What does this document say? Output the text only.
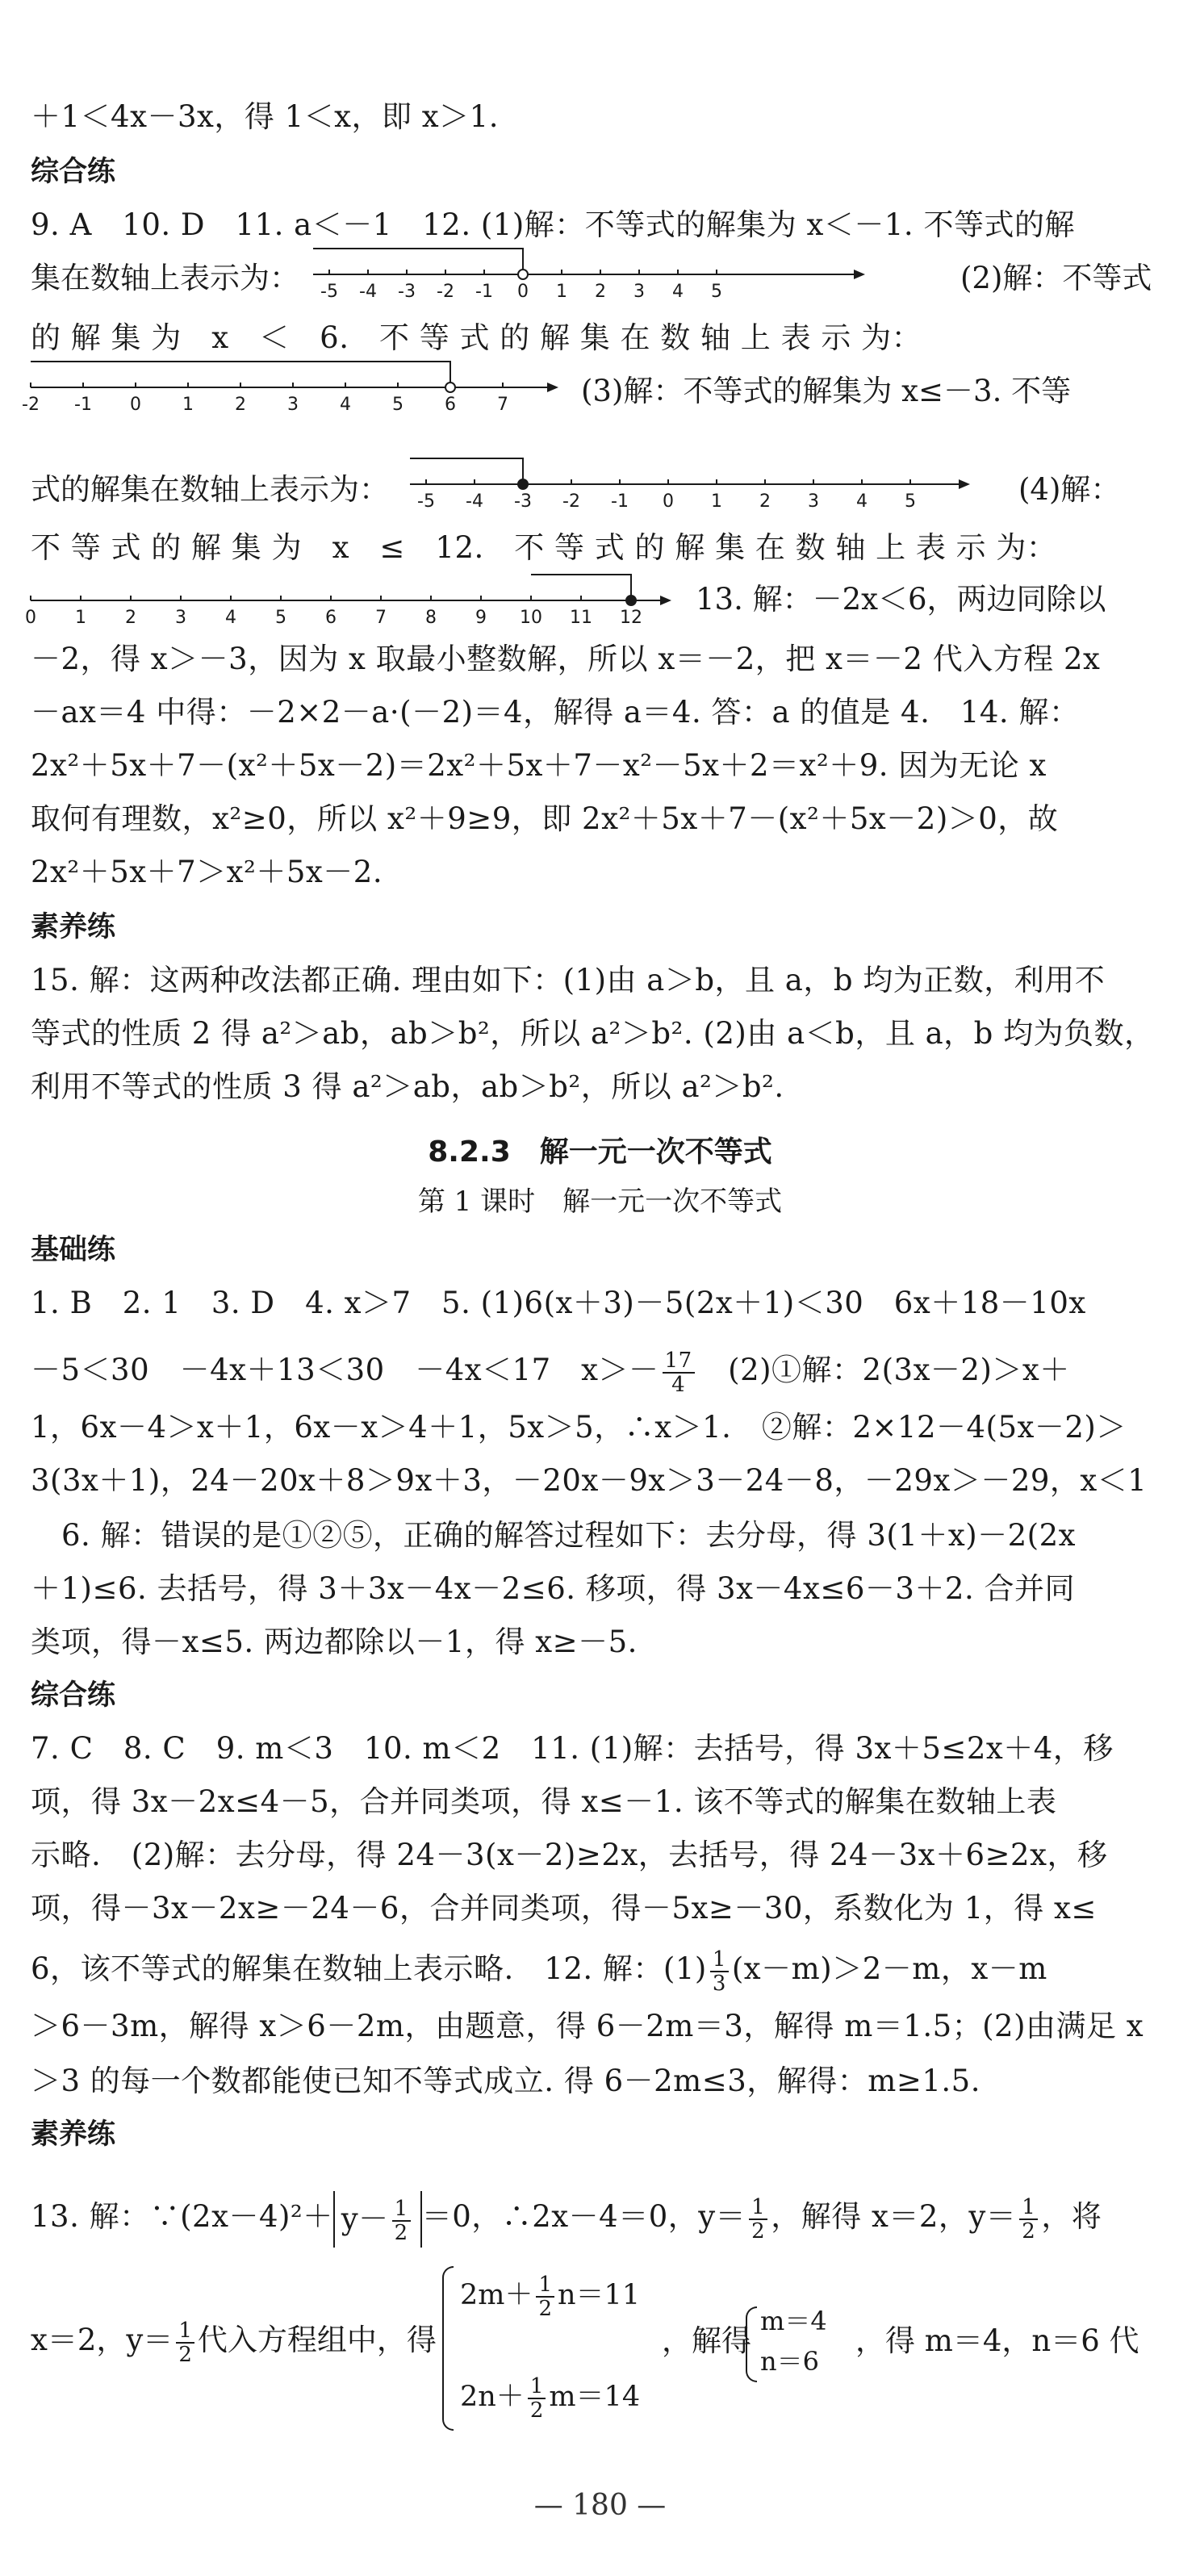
＋1＜4x－3x，得 1＜x，即 x＞1.
综合练
9. A　10. D　11. a＜－1　12. (1)解：不等式的解集为 x＜－1. 不等式的解
集在数轴上表示为： -5 -4 -3 -2 -1 0 1 2 3 4 5	(2)解：不等式
的 解 集 为　x　＜　6.　不 等 式 的 解 集 在 数 轴 上 表 示 为：
-2 -1 0 1 2 3 4 5 6 7 (3)解：不等式的解集为 x≤－3. 不等
式的解集在数轴上表示为： -5 -4 -3 -2 -1 0 1 2 3 4 5	(4)解：
不 等 式 的 解 集 为　x　≤　12.　不 等 式 的 解 集 在 数 轴 上 表 示 为：
0 1 2 3 4 5 6 7 8 9 10 11 12
13. 解：－2x＜6，两边同除以
－2，得 x＞－3，因为 x 取最小整数解，所以 x＝－2，把 x＝－2 代入方程 2x
－ax＝4 中得：－2×2－a·(－2)＝4，解得 a＝4. 答：a 的值是 4.　14. 解：
2x²＋5x＋7－(x²＋5x－2)＝2x²＋5x＋7－x²－5x＋2＝x²＋9. 因为无论 x
取何有理数，x²≥0，所以 x²＋9≥9，即 2x²＋5x＋7－(x²＋5x－2)＞0，故
2x²＋5x＋7＞x²＋5x－2.
素养练
15. 解：这两种改法都正确. 理由如下：(1)由 a＞b，且 a，b 均为正数，利用不
等式的性质 2 得 a²＞ab，ab＞b²，所以 a²＞b². (2)由 a＜b，且 a，b 均为负数，
利用不等式的性质 3 得 a²＞ab，ab＞b²，所以 a²＞b².
8.2.3　解一元一次不等式
第 1 课时　解一元一次不等式
基础练
1. B　2. 1　3. D　4. x＞7　5. (1)6(x＋3)－5(2x＋1)＜30　6x＋18－10x
－5＜30　－4x＋13＜30　－4x＜17　$x>- \frac{17}{4}$
　 (2)①解：2(3x－2)＞x＋
1，6x－4＞x＋1，6x－x＞4＋1，5x＞5，∴x＞1.　②解：2×12－4(5x－2)＞
3(3x＋1)，24－20x＋8＞9x＋3，－20x－9x＞3－24－8，－29x＞－29，x＜1
6. 解：错误的是①②⑤，正确的解答过程如下：去分母，得 3(1＋x)－2(2x
＋1)≤6. 去括号，得 3＋3x－4x－2≤6. 移项，得 3x－4x≤6－3＋2. 合并同
类项，得－x≤5. 两边都除以－1，得 x≥－5.
综合练
7. C　8. C　9. m＜3　10. m＜2　11. (1)解：去括号，得 3x＋5≤2x＋4，移
项，得 3x－2x≤4－5，合并同类项，得 x≤－1. 该不等式的解集在数轴上表
示略.　(2)解：去分母，得 24－3(x－2)≥2x，去括号，得 24－3x＋6≥2x，移
项，得－3x－2x≥－24－6，合并同类项，得－5x≥－30，系数化为 1，得 x≤
6，该不等式的解集在数轴上表示略.　12. 解：$(1) \frac{1}{3} (x-m)>2-m$，x－m
＞6－3m，解得 x＞6－2m，由题意，得 6－2m＝3，解得 m＝1.5；(2)由满足 x
＞3 的每一个数都能使已知不等式成立. 得 6－2m≤3，解得：m≥1.5.
素养练
13. 解：∵(2x－4)²＋ $y- \frac{1}{2} =0$，∴2x－4＝0，$y= \frac{1}{2}$ ，解得 x＝2，$y= \frac{1}{2}$ ，将
x＝2，$y= \frac{1}{2}$ 代入方程组中，得
$2m+ \frac{1}{2} n=11$
$2n+ \frac{1}{2} m=14$
，解得
m＝4
n＝6
，得 m＝4，n＝6 代
— 180 —
